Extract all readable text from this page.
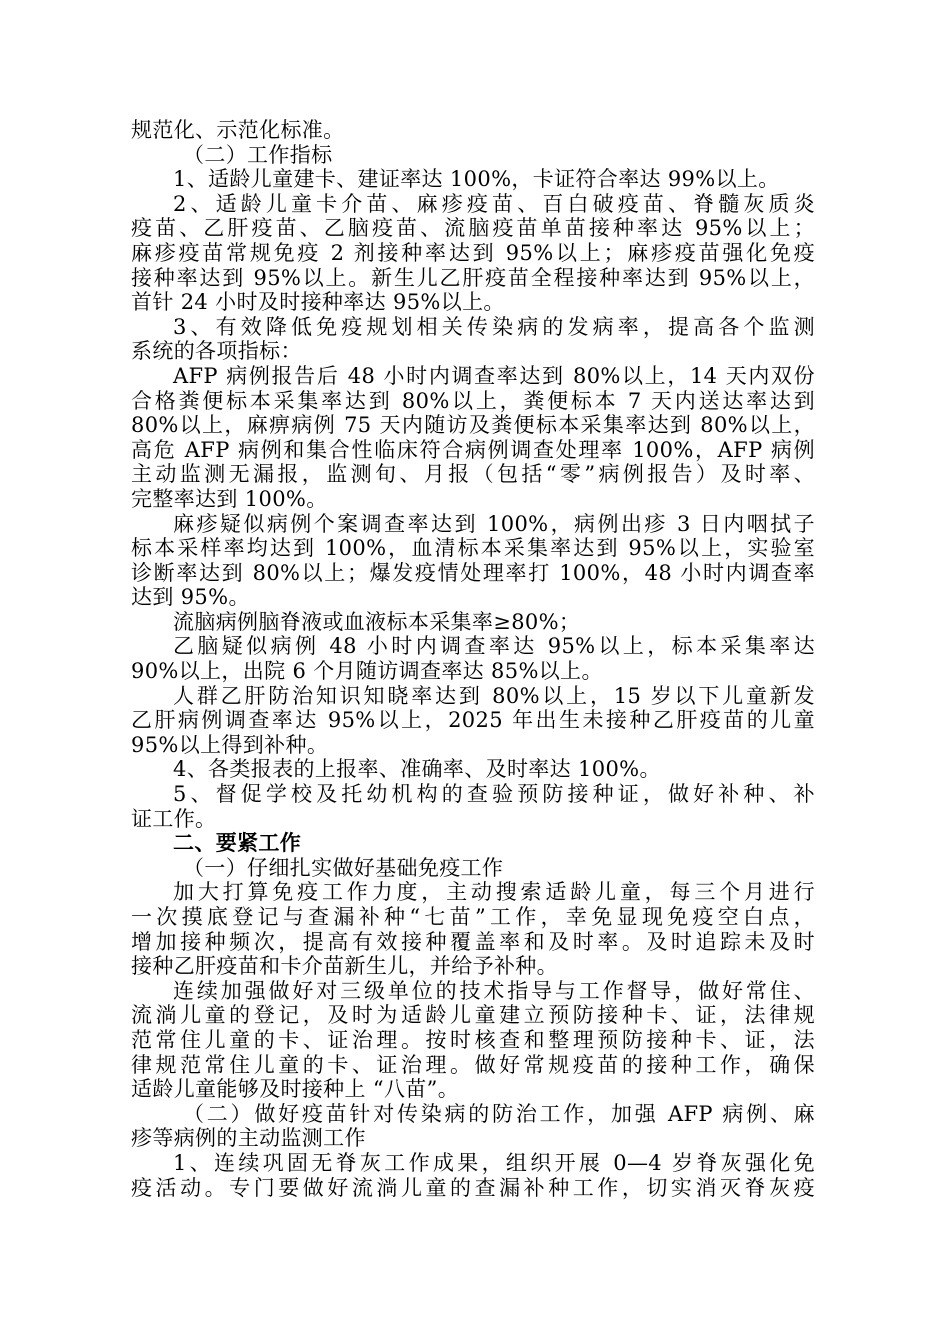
规范化、示范化标准。
（二）工作指标
1、适龄儿童建卡、建证率达 100%，卡证符合率达 99%以上。
2、适龄儿童卡介苗、麻疹疫苗、百白破疫苗、脊髓灰质炎
疫苗、乙肝疫苗、乙脑疫苗、流脑疫苗单苗接种率达 95%以上；
麻疹疫苗常规免疫 2 剂接种率达到 95%以上；麻疹疫苗强化免疫
接种率达到 95%以上。新生儿乙肝疫苗全程接种率达到 95%以上，
首针 24 小时及时接种率达 95%以上。
3、有效降低免疫规划相关传染病的发病率，提高各个监测
系统的各项指标：
AFP 病例报告后 48 小时内调查率达到 80%以上，14 天内双份
合格粪便标本采集率达到 80%以上，粪便标本 7 天内送达率达到
80%以上，麻痹病例 75 天内随访及粪便标本采集率达到 80%以上，
高危 AFP 病例和集合性临床符合病例调查处理率 100%，AFP 病例
主动监测无漏报，监测旬、月报（包括“零”病例报告）及时率、
完整率达到 100%。
麻疹疑似病例个案调查率达到 100%，病例出疹 3 日内咽拭子
标本采样率均达到 100%，血清标本采集率达到 95%以上，实验室
诊断率达到 80%以上；爆发疫情处理率打 100%，48 小时内调查率
达到 95%。
流脑病例脑脊液或血液标本采集率≥80%；
乙脑疑似病例 48 小时内调查率达 95%以上，标本采集率达
90%以上，出院 6 个月随访调查率达 85%以上。
人群乙肝防治知识知晓率达到 80%以上，15 岁以下儿童新发
乙肝病例调查率达 95%以上，2025 年出生未接种乙肝疫苗的儿童
95%以上得到补种。
4、各类报表的上报率、准确率、及时率达 100%。
5、督促学校及托幼机构的查验预防接种证，做好补种、补
证工作。
二、要紧工作
（一）仔细扎实做好基础免疫工作
加大打算免疫工作力度，主动搜索适龄儿童，每三个月进行
一次摸底登记与查漏补种“七苗”工作，幸免显现免疫空白点，
增加接种频次，提高有效接种覆盖率和及时率。及时追踪未及时
接种乙肝疫苗和卡介苗新生儿，并给予补种。
连续加强做好对三级单位的技术指导与工作督导，做好常住、
流淌儿童的登记，及时为适龄儿童建立预防接种卡、证，法律规
范常住儿童的卡、证治理。按时核查和整理预防接种卡、证，法
律规范常住儿童的卡、证治理。做好常规疫苗的接种工作，确保
适龄儿童能够及时接种上 “八苗”。
（二）做好疫苗针对传染病的防治工作，加强 AFP 病例、麻
疹等病例的主动监测工作
1、连续巩固无脊灰工作成果，组织开展 0—4 岁脊灰强化免
疫活动。专门要做好流淌儿童的查漏补种工作，切实消灭脊灰疫
